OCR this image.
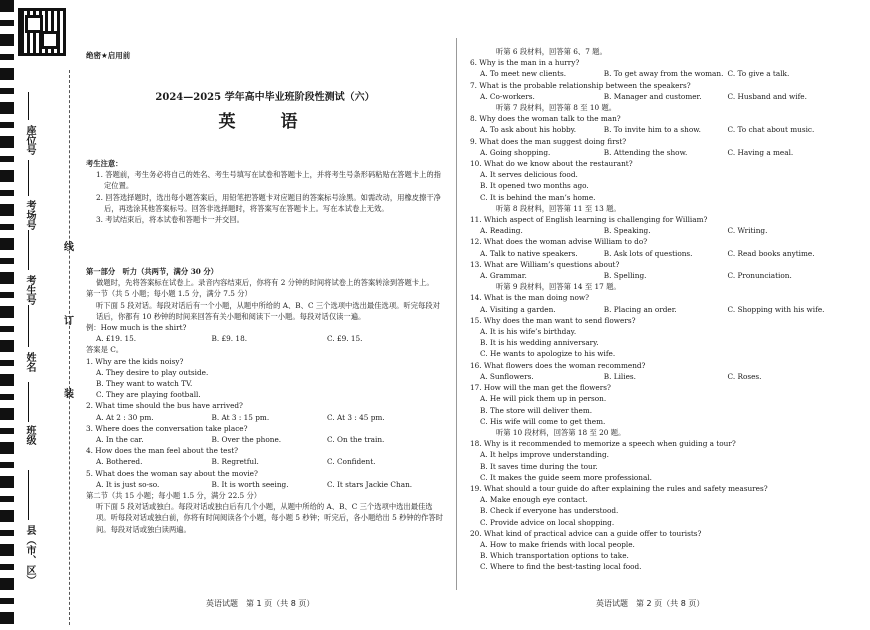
座位号
考场号
考生号
姓名
班级
县（市、区）
线
订
装
绝密★启用前
2024—2025 学年高中毕业班阶段性测试（六）
英　语
考生注意：
1. 答题前，考生务必将自己的姓名、考生号填写在试卷和答题卡上，并将考生号条形码粘贴在答题卡上的指定位置。
2. 回答选择题时，选出每小题答案后，用铅笔把答题卡对应题目的答案标号涂黑。如需改动，用橡皮擦干净后，再选涂其他答案标号。回答非选择题时，将答案写在答题卡上。写在本试卷上无效。
3. 考试结束后，将本试卷和答题卡一并交回。
第一部分　听力（共两节，满分 30 分）
做题时，先将答案标在试卷上。录音内容结束后，你将有 2 分钟的时间将试卷上的答案转涂到答题卡上。
第一节（共 5 小题；每小题 1.5 分，满分 7.5 分）
听下面 5 段对话。每段对话后有一个小题，从题中所给的 A、B、C 三个选项中选出最佳选项。听完每段对话后，你都有 10 秒钟的时间来回答有关小题和阅读下一小题。每段对话仅读一遍。
例：How much is the shirt?
A. £19. 15.	B. £9. 18.	C. £9. 15.
答案是 C。
1. Why are the kids noisy?
A. They desire to play outside.
B. They want to watch TV.
C. They are playing football.
2. What time should the bus have arrived?
A. At 2 : 30 pm.	B. At 3 : 15 pm.	C. At 3 : 45 pm.
3. Where does the conversation take place?
A. In the car.	B. Over the phone.	C. On the train.
4. How does the man feel about the test?
A. Bothered.	B. Regretful.	C. Confident.
5. What does the woman say about the movie?
A. It is just so-so.	B. It is worth seeing.	C. It stars Jackie Chan.
第二节（共 15 小题；每小题 1.5 分，满分 22.5 分）
听下面 5 段对话或独白。每段对话或独白后有几个小题，从题中所给的 A、B、C 三个选项中选出最佳选项。听每段对话或独白前，你将有时间阅读各个小题，每小题 5 秒钟；听完后，各小题给出 5 秒钟的作答时间。每段对话或独白读两遍。
英语试题　第 1 页（共 8 页）
听第 6 段材料，回答第 6、7 题。
6. Why is the man in a hurry?
A. To meet new clients.	B. To get away from the woman. C. To give a talk.
7. What is the probable relationship between the speakers?
A. Co-workers.	B. Manager and customer.	C. Husband and wife.
听第 7 段材料，回答第 8 至 10 题。
8. Why does the woman talk to the man?
A. To ask about his hobby.	B. To invite him to a show.	C. To chat about music.
9. What does the man suggest doing first?
A. Going shopping.	B. Attending the show.	C. Having a meal.
10. What do we know about the restaurant?
A. It serves delicious food.
B. It opened two months ago.
C. It is behind the man’s home.
听第 8 段材料，回答第 11 至 13 题。
11. Which aspect of English learning is challenging for William?
A. Reading.	B. Speaking.	C. Writing.
12. What does the woman advise William to do?
A. Talk to native speakers.	B. Ask lots of questions.	C. Read books anytime.
13. What are William’s questions about?
A. Grammar.	B. Spelling.	C. Pronunciation.
听第 9 段材料，回答第 14 至 17 题。
14. What is the man doing now?
A. Visiting a garden.	B. Placing an order.	C. Shopping with his wife.
15. Why does the man want to send flowers?
A. It is his wife’s birthday.
B. It is his wedding anniversary.
C. He wants to apologize to his wife.
16. What flowers does the woman recommend?
A. Sunflowers.	B. Lilies.	C. Roses.
17. How will the man get the flowers?
A. He will pick them up in person.
B. The store will deliver them.
C. His wife will come to get them.
听第 10 段材料，回答第 18 至 20 题。
18. Why is it recommended to memorize a speech when guiding a tour?
A. It helps improve understanding.
B. It saves time during the tour.
C. It makes the guide seem more professional.
19. What should a tour guide do after explaining the rules and safety measures?
A. Make enough eye contact.
B. Check if everyone has understood.
C. Provide advice on local shopping.
20. What kind of practical advice can a guide offer to tourists?
A. How to make friends with local people.
B. Which transportation options to take.
C. Where to find the best-tasting local food.
英语试题　第 2 页（共 8 页）
